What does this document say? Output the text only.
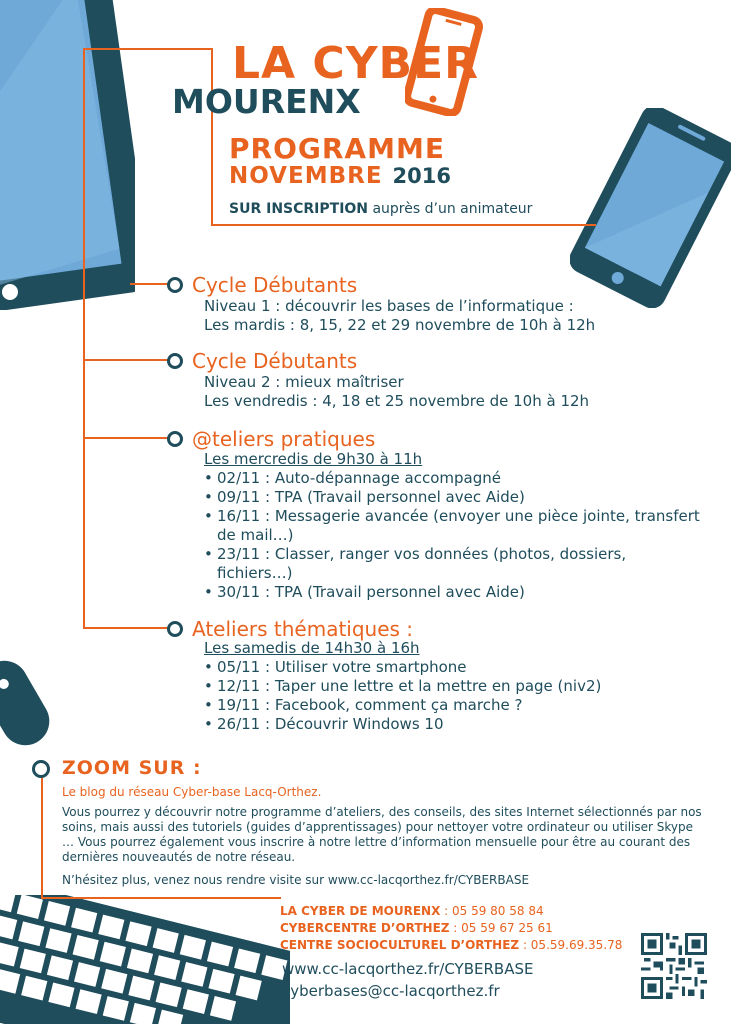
LA CYBER
MOURENX
PROGRAMME
NOVEMBRE 2016
SUR INSCRIPTION auprès d’un animateur
Cycle Débutants
Niveau 1 : découvrir les bases de l’informatique :
Les mardis : 8, 15, 22 et 29 novembre de 10h à 12h
Cycle Débutants
Niveau 2 : mieux maîtriser
Les vendredis : 4, 18 et 25 novembre de 10h à 12h
@teliers pratiques
Les mercredis de 9h30 à 11h
• 02/11 : Auto-dépannage accompagné
• 09/11 : TPA (Travail personnel avec Aide)
• 16/11 : Messagerie avancée (envoyer une pièce jointe, transfert de mail…)
• 23/11 : Classer, ranger vos données (photos, dossiers, fichiers…)
• 30/11 : TPA (Travail personnel avec Aide)
Ateliers thématiques :
Les samedis de 14h30 à 16h
• 05/11 : Utiliser votre smartphone
• 12/11 : Taper une lettre et la mettre en page (niv2)
• 19/11 : Facebook, comment ça marche ?
• 26/11 : Découvrir Windows 10
ZOOM SUR :
Le blog du réseau Cyber-base Lacq-Orthez.
Vous pourrez y découvrir notre programme d’ateliers, des conseils, des sites Internet sélectionnés par nos soins, mais aussi des tutoriels (guides d’apprentissages) pour nettoyer votre ordinateur ou utiliser Skype … Vous pourrez également vous inscrire à notre lettre d’information mensuelle pour être au courant des dernières nouveautés de notre réseau.
N’hésitez plus, venez nous rendre visite sur www.cc-lacqorthez.fr/CYBERBASE
LA CYBER DE MOURENX : 05 59 80 58 84
CYBERCENTRE D’ORTHEZ : 05 59 67 25 61
CENTRE SOCIOCULTUREL D’ORTHEZ : 05.59.69.35.78
www.cc-lacqorthez.fr/CYBERBASE
cyberbases@cc-lacqorthez.fr
